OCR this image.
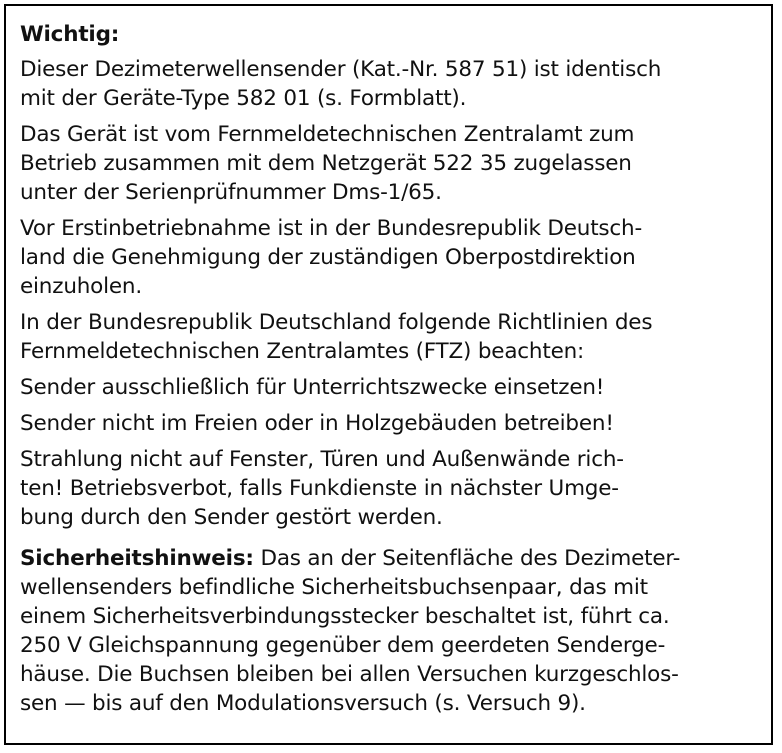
Wichtig:
Dieser Dezimeterwellensender (Kat.-Nr. 587 51) ist identisch
mit der Geräte-Type 582 01 (s. Formblatt).
Das Gerät ist vom Fernmeldetechnischen Zentralamt zum
Betrieb zusammen mit dem Netzgerät 522 35 zugelassen
unter der Serienprüfnummer Dms-1/65.
Vor Erstinbetriebnahme ist in der Bundesrepublik Deutsch-
land die Genehmigung der zuständigen Oberpostdirektion
einzuholen.
In der Bundesrepublik Deutschland folgende Richtlinien des
Fernmeldetechnischen Zentralamtes (FTZ) beachten:
Sender ausschließlich für Unterrichtszwecke einsetzen!
Sender nicht im Freien oder in Holzgebäuden betreiben!
Strahlung nicht auf Fenster, Türen und Außenwände rich-
ten! Betriebsverbot, falls Funkdienste in nächster Umge-
bung durch den Sender gestört werden.
Sicherheitshinweis: Das an der Seitenfläche des Dezimeter-
wellensenders befindliche Sicherheitsbuchsenpaar, das mit
einem Sicherheitsverbindungsstecker beschaltet ist, führt ca.
250 V Gleichspannung gegenüber dem geerdeten Sendergе-
häuse. Die Buchsen bleiben bei allen Versuchen kurzgeschlos-
sen — bis auf den Modulationsversuch (s. Versuch 9).
